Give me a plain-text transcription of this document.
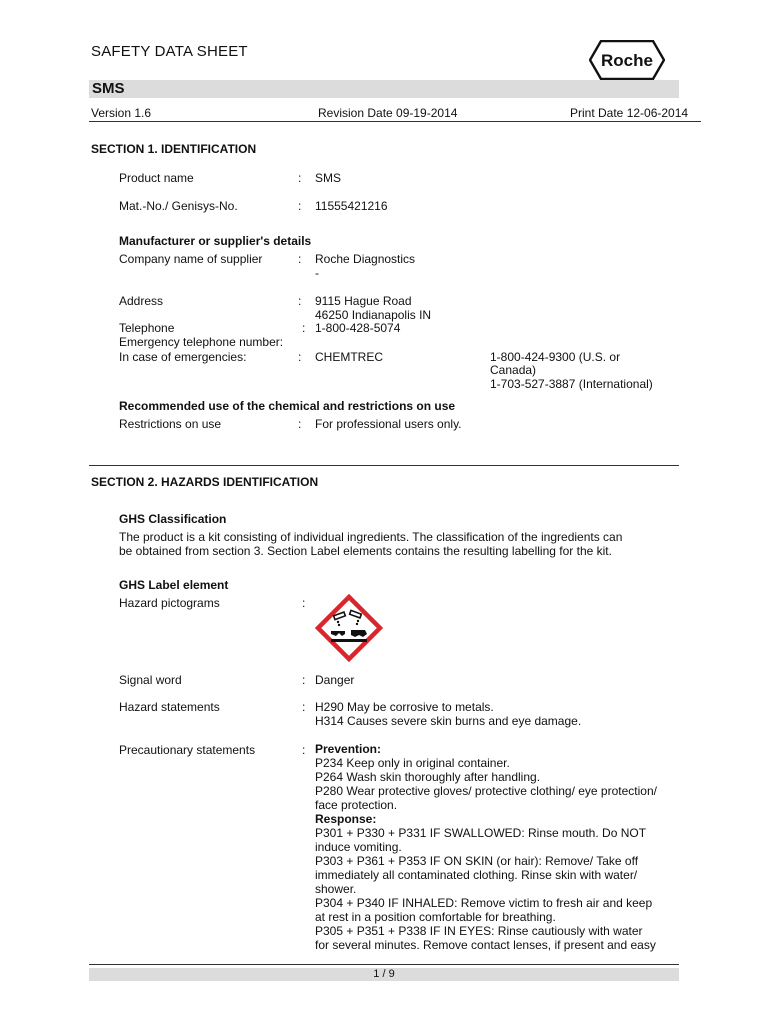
SAFETY DATA SHEET	Roche
SMS
Version 1.6	Revision Date 09-19-2014	Print Date 12-06-2014
SECTION 1. IDENTIFICATION
Product name	: SMS
Mat.-No./ Genisys-No.	: 11555421216
Manufacturer or supplier's details
Company name of supplier	: Roche Diagnostics
-
Address	: 9115 Hague Road
46250 Indianapolis IN
Telephone	: 1-800-428-5074
Emergency telephone number:
In case of emergencies:	: CHEMTREC	1-800-424-9300 (U.S. or
Canada)
1-703-527-3887 (International)
Recommended use of the chemical and restrictions on use
Restrictions on use	: For professional users only.
SECTION 2. HAZARDS IDENTIFICATION
GHS Classification
The product is a kit consisting of individual ingredients. The classification of the ingredients can
be obtained from section 3. Section Label elements contains the resulting labelling for the kit.
GHS Label element
Hazard pictograms	:
Signal word	: Danger
Hazard statements	: H290 May be corrosive to metals.
H314 Causes severe skin burns and eye damage.
Precautionary statements	: Prevention:
P234 Keep only in original container.
P264 Wash skin thoroughly after handling.
P280 Wear protective gloves/ protective clothing/ eye protection/
face protection.
Response:
P301 + P330 + P331 IF SWALLOWED: Rinse mouth. Do NOT
induce vomiting.
P303 + P361 + P353 IF ON SKIN (or hair): Remove/ Take off
immediately all contaminated clothing. Rinse skin with water/
shower.
P304 + P340 IF INHALED: Remove victim to fresh air and keep
at rest in a position comfortable for breathing.
P305 + P351 + P338 IF IN EYES: Rinse cautiously with water
for several minutes. Remove contact lenses, if present and easy
1 / 9
